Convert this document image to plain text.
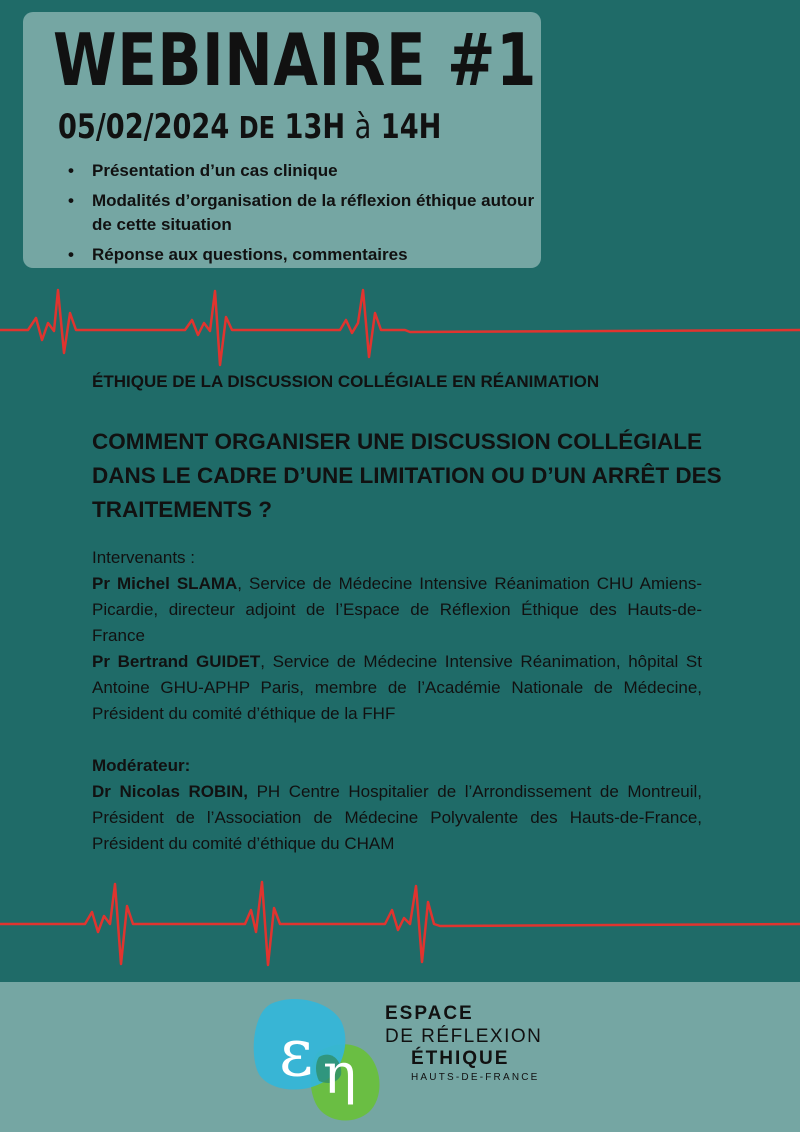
WEBINAIRE #1
05/02/2024 DE 13H à 14H
• Présentation d’un cas clinique
• Modalités d’organisation de la réflexion éthique autour de cette situation
• Réponse aux questions, commentaires
ÉTHIQUE DE LA DISCUSSION COLLÉGIALE EN RÉANIMATION
COMMENT ORGANISER UNE DISCUSSION COLLÉGIALE DANS LE CADRE D’UNE LIMITATION OU D’UN ARRÊT DES TRAITEMENTS ?

Intervenants :

Pr Michel SLAMA, Service de Médecine Intensive Réanimation CHU Amiens-Picardie, directeur adjoint de l’Espace de Réflexion Éthique des Hauts-de-France

Pr Bertrand GUIDET, Service de Médecine Intensive Réanimation, hôpital St Antoine GHU-APHP Paris, membre de l’Académie Nationale de Médecine, Président du comité d’éthique de la FHF

Modérateur:

Dr Nicolas ROBIN, PH Centre Hospitalier de l’Arrondissement de Montreuil, Président de l’Association de Médecine Polyvalente des Hauts-de-France, Président du comité d’éthique du CHAM

ε η
ESPACE
DE RÉFLEXION
ÉTHIQUE
HAUTS-DE-FRANCE
